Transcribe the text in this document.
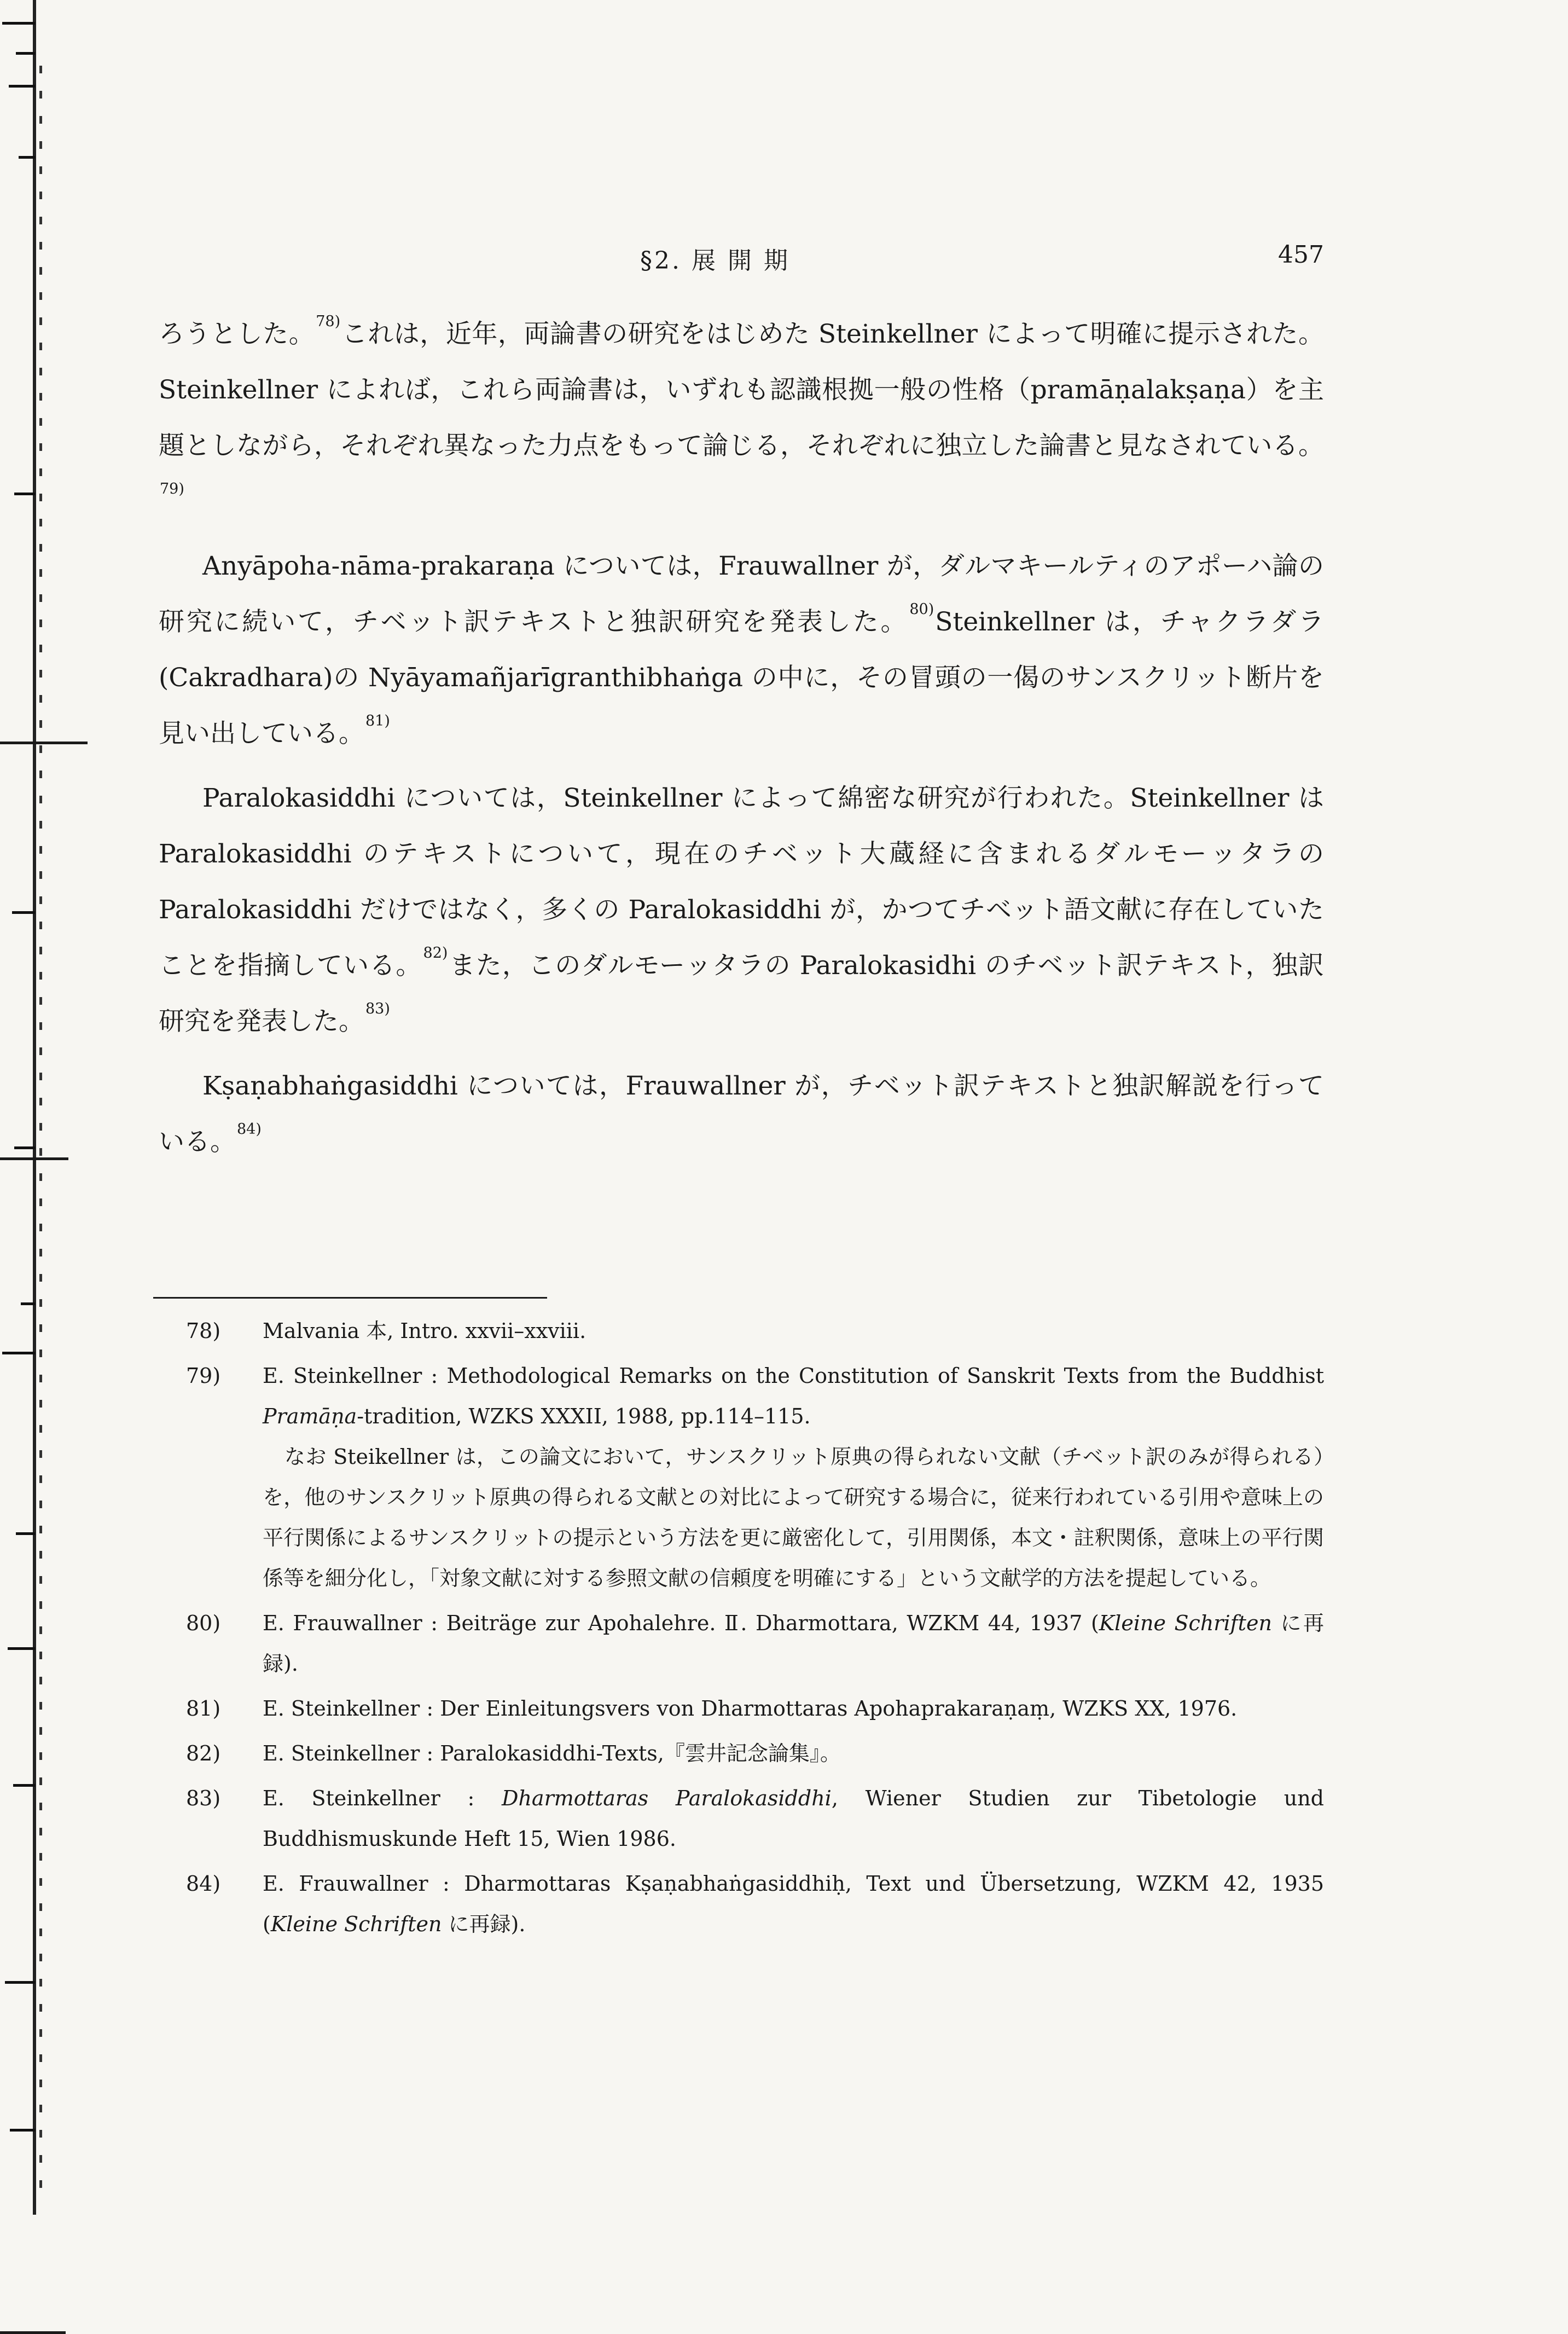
§2. 展 開 期	457

ろうとした。$^{78)}$これは，近年，両論書の研究をはじめた Steinkellner によって明確に提示された。Steinkellner によれば，これら両論書は，いずれも認識根拠一般の性格（pramāṇalakṣaṇa）を主題としながら，それぞれ異なった力点をもって論じる，それぞれに独立した論書と見なされている。$^{79)}$

Anyāpoha-nāma-prakaraṇa については，Frauwallner が，ダルマキールティのアポーハ論の研究に続いて，チベット訳テキストと独訳研究を発表した。$^{80)}$Steinkellner は，チャクラダラ(Cakradhara)の Nyāyamañjarīgranthibhaṅga の中に，その冒頭の一偈のサンスクリット断片を見い出している。$^{81)}$

Paralokasiddhi については，Steinkellner によって綿密な研究が行われた。Steinkellner は Paralokasiddhi のテキストについて，現在のチベット大蔵経に含まれるダルモーッタラの Paralokasiddhi だけではなく，多くの Paralokasiddhi が，かつてチベット語文献に存在していたことを指摘している。$^{82)}$また，このダルモーッタラの Paralokasidhi のチベット訳テキスト，独訳研究を発表した。$^{83)}$

Kṣaṇabhaṅgasiddhi については，Frauwallner が，チベット訳テキストと独訳解説を行っている。$^{84)}$

78) Malvania 本, Intro. xxvii–xxviii.
79) E. Steinkellner : Methodological Remarks on the Constitution of Sanskrit Texts from the Buddhist Pramāṇa-tradition, WZKS XXXII, 1988, pp.114–115.
なお Steikellner は，この論文において，サンスクリット原典の得られない文献（チベット訳のみが得られる）を，他のサンスクリット原典の得られる文献との対比によって研究する場合に，従来行われている引用や意味上の平行関係によるサンスクリットの提示という方法を更に厳密化して，引用関係，本文・註釈関係，意味上の平行関係等を細分化し，「対象文献に対する参照文献の信頼度を明確にする」という文献学的方法を提起している。
80) E. Frauwallner : Beiträge zur Apohalehre. Ⅱ. Dharmottara, WZKM 44, 1937 (Kleine Schriften に再録).
81) E. Steinkellner : Der Einleitungsvers von Dharmottaras Apohaprakaraṇaṃ, WZKS XX, 1976.
82) E. Steinkellner : Paralokasiddhi-Texts,『雲井記念論集』。
83) E. Steinkellner : Dharmottaras Paralokasiddhi, Wiener Studien zur Tibetologie und Buddhismuskunde Heft 15, Wien 1986.
84) E. Frauwallner : Dharmottaras Kṣaṇabhaṅgasiddhiḥ, Text und Übersetzung, WZKM 42, 1935 (Kleine Schriften に再録).
